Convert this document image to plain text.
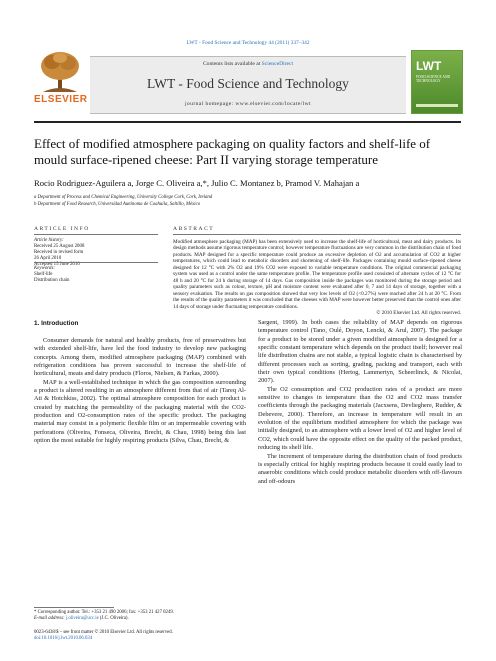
LWT - Food Science and Technology 44 (2011) 337–342
ELSEVIER
Contents lists available at ScienceDirect
LWT - Food Science and Technology
journal homepage: www.elsevier.com/locate/lwt
LWT
FOOD SCIENCE AND TECHNOLOGY
Effect of modified atmosphere packaging on quality factors and shelf-life of mould surface-ripened cheese: Part II varying storage temperature
Rocio Rodriguez-Aguilera a, Jorge C. Oliveira a,*, Julio C. Montanez b, Pramod V. Mahajan a
a Department of Process and Chemical Engineering, University College Cork, Cork, Ireland
b Department of Food Research, Universidad Autónoma de Coahuila, Saltillo, México
ARTICLE INFO
Article history:
Received 25 August 2008
Received in revised form
26 April 2010
Accepted 15 June 2010
Keywords:
Shelf-life
Distribution chain
ABSTRACT
Modified atmosphere packaging (MAP) has been extensively used to increase the shelf-life of horticultural, meat and dairy products. Its design methods assume rigorous temperature control; however temperature fluctuations are very common in the distribution chain of food products. MAP designed for a specific temperature could produce an excessive depletion of O2 and accumulation of CO2 at higher temperatures, which could lead to metabolic disorders and shortening of shelf-life. Packages containing mould surface-ripened cheese designed for 12 °C with 2% O2 and 19% CO2 were exposed to variable temperature conditions. The original commercial packaging system was used as a control under the same temperature profile. The temperature profile used consisted of alternate cycles of 12 °C for 48 h and 20 °C for 24 h during storage of 14 days. Gas composition inside the packages was monitored during the storage period and quality parameters such as colour, texture, pH and moisture content were evaluated after 0, 7 and 14 days of storage, together with a sensory evaluation. The results on gas composition showed that very low levels of O2 (<0.27%) were reached after 24 h at 20 °C. From the results of the quality parameters it was concluded that the cheeses with MAP were however better preserved than the control ones after 14 days of storage under fluctuating temperature conditions.
© 2010 Elsevier Ltd. All rights reserved.
1. Introduction

Consumer demands for natural and healthy products, free of preservatives but with extended shelf-life, have led the food industry to develop new packaging concepts. Among them, modified atmosphere packaging (MAP) combined with refrigeration conditions has proven successful to increase the shelf-life of horticultural, meats and dairy products (Floros, Nielsen, & Farkas, 2000).

MAP is a well-established technique in which the gas composition surrounding a product is altered resulting in an atmosphere different from that of air (Tareq Al-Ati & Hotchkiss, 2002). The optimal atmosphere composition for each product is created by matching the permeability of the packaging material with the CO2-production and O2-consumption rates of the specific product. The packaging material may consist in a polymeric flexible film or an impermeable covering with perforations (Oliveira, Fonseca, Oliveira, Brecht, & Chau, 1998) being this last option the most suitable for highly respiring products (Silva, Chau, Brecht, &

Sargent, 1999). In both cases the reliability of MAP depends on rigorous temperature control (Tano, Oulé, Doyon, Lencki, & Arul, 2007). The package for a product to be stored under a given modified atmosphere is designed for a specific constant temperature which depends on the product itself; however real life distribution chains are not stable, a typical logistic chain is characterised by different processes such as sorting, grading, packing and transport, each with their own typical conditions (Hertog, Lammertyn, Scheerlinck, & Nicolai, 2007).

The O2 consumption and CO2 production rates of a product are more sensitive to changes in temperature than the O2 and CO2 mass transfer coefficients through the packaging materials (Jacxsens, Devlieghere, Rudder, & Debevere, 2000). Therefore, an increase in temperature will result in an evolution of the equilibrium modified atmosphere for which the package was initially designed, to an atmosphere with a lower level of O2 and higher level of CO2, which could have the opposite effect on the quality of the packed product, reducing its shelf life.

The increment of temperature during the distribution chain of food products is especially critical for highly respiring products because it could easily lead to anaerobic conditions which could produce metabolic disorders with off-flavours and off-odours

* Corresponding author. Tel.: +353 21 490 2006; fax: +353 21 427 0249.
E-mail address: j.oliveira@ucc.ie (J.C. Oliveira).
0023-6438/$ – see front matter © 2010 Elsevier Ltd. All rights reserved.
doi:10.1016/j.lwt.2010.06.034
